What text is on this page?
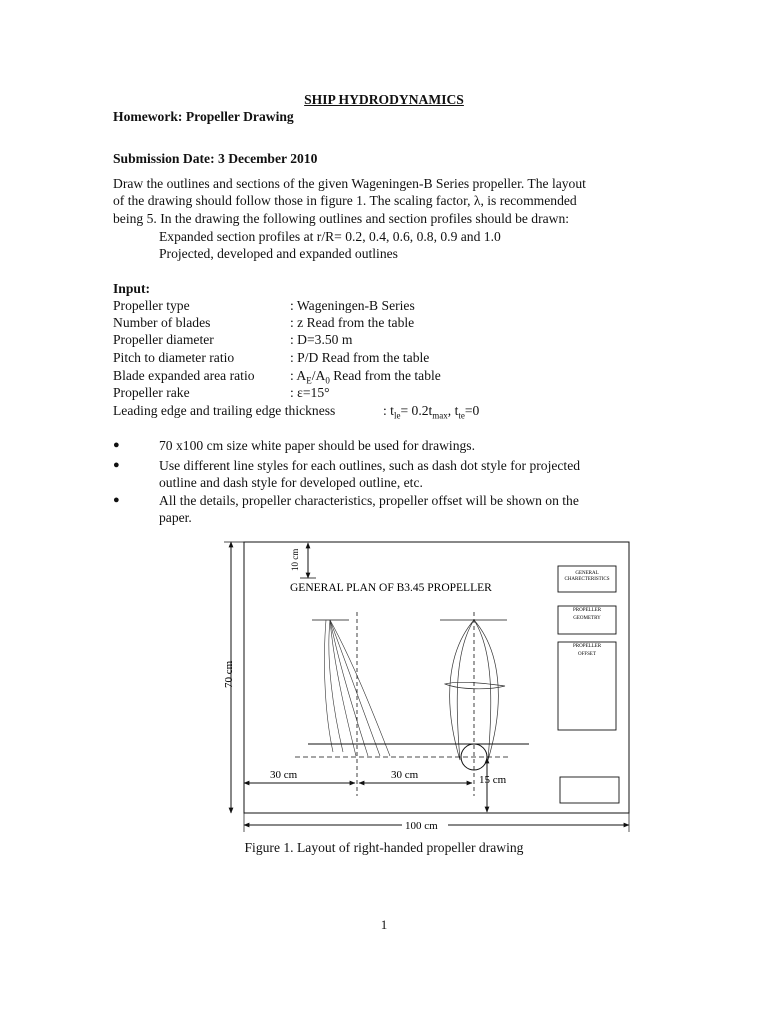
SHIP HYDRODYNAMICS
Homework: Propeller Drawing
Submission Date: 3 December 2010
Draw the outlines and sections of the given Wageningen-B Series propeller. The layout
of the drawing should follow those in figure 1. The scaling factor, λ, is recommended
being 5. In the drawing the following outlines and section profiles should be drawn:
Expanded section profiles at r/R= 0.2, 0.4, 0.6, 0.8, 0.9 and 1.0
Projected, developed and expanded outlines
Input:
Propeller type	: Wageningen-B Series
Number of blades	: z Read from the table
Propeller diameter	: D=3.50 m
Pitch to diameter ratio	: P/D Read from the table
Blade expanded area ratio	: $A_E/A_0$ Read from the table
Propeller rake	: ε=15°
Leading edge and trailing edge thickness	: $t_{le}= 0.2t_{max}$, $t_{te}=0$
●	70 x100 cm size white paper should be used for drawings.
●	Use different line styles for each outlines, such as dash dot style for projected
outline and dash style for developed outline, etc.
●	All the details, propeller characteristics, propeller offset will be shown on the
paper.
10 cm
GENERAL PLAN OF B3.45 PROPELLER
GENERAL
CHARECTERISTICS
PROPELLER
GEOMETRY
PROPELLER
OFFSET
70 cm
30 cm	30 cm	15 cm
100 cm
Figure 1. Layout of right-handed propeller drawing
1
